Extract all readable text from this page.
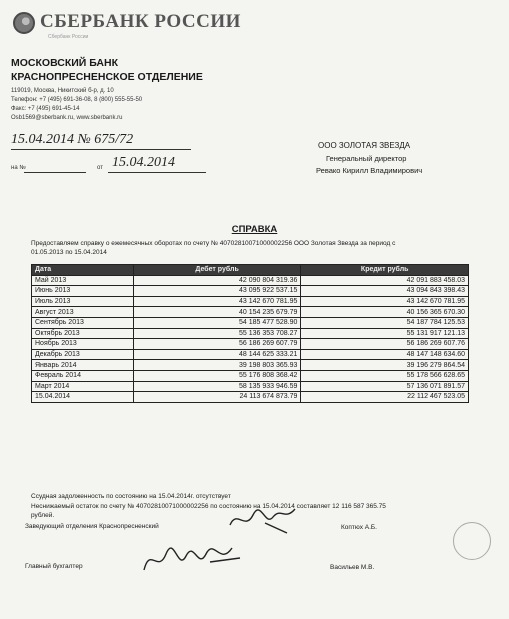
СБЕРБАНК РОССИИ
Сбербанк России
МОСКОВСКИЙ БАНК
КРАСНОПРЕСНЕНСКОЕ ОТДЕЛЕНИЕ
119019, Москва, Никитский б-р, д. 10
Телефон: +7 (495) 691-36-08, 8 (800) 555-55-50
Факс: +7 (495) 691-45-14
Osb1569@sberbank.ru, www.sberbank.ru
15.04.2014 № 675/72
на №	от 15.04.2014
ООО ЗОЛОТАЯ ЗВЕЗДА
Генеральный директор
Ревако Кирилл Владимирович
СПРАВКА
Предоставляем справку о ежемесячных оборотах по счету № 40702810071000002256 ООО Золотая Звезда за период с
01.05.2013 по 15.04.2014
Дата	Дебет рубль	Кредит рубль
Май 2013	42 090 804 319.36	42 091 883 458.03
Июнь 2013	43 095 922 537.15	43 094 843 398.43
Июль 2013	43 142 670 781.95	43 142 670 781.95
Август 2013	40 154 235 679.79	40 156 365 670.30
Сентябрь 2013	54 185 477 528.90	54 187 784 125.53
Октябрь 2013	55 136 353 708.27	55 131 917 121.13
Ноябрь 2013	56 186 269 607.79	56 186 269 607.76
Декабрь 2013	48 144 625 333.21	48 147 148 634.60
Январь 2014	39 198 803 365.93	39 196 279 864.54
Февраль 2014	55 176 808 368.42	55 178 566 628.65
Март 2014	58 135 933 946.59	57 136 071 891.57
15.04.2014	24 113 674 873.79	22 112 467 523.05
Ссудная задолженность по состоянию на 15.04.2014г. отсутствует
Неснижаемый остаток по счету № 40702810071000002256 по состоянию на 15.04.2014 составляет 12 116 587 365.75
рублей.
Заведующий отделения Краснопресненский	Коптюх А.Б.
Главный бухгалтер	Васильев М.В.
